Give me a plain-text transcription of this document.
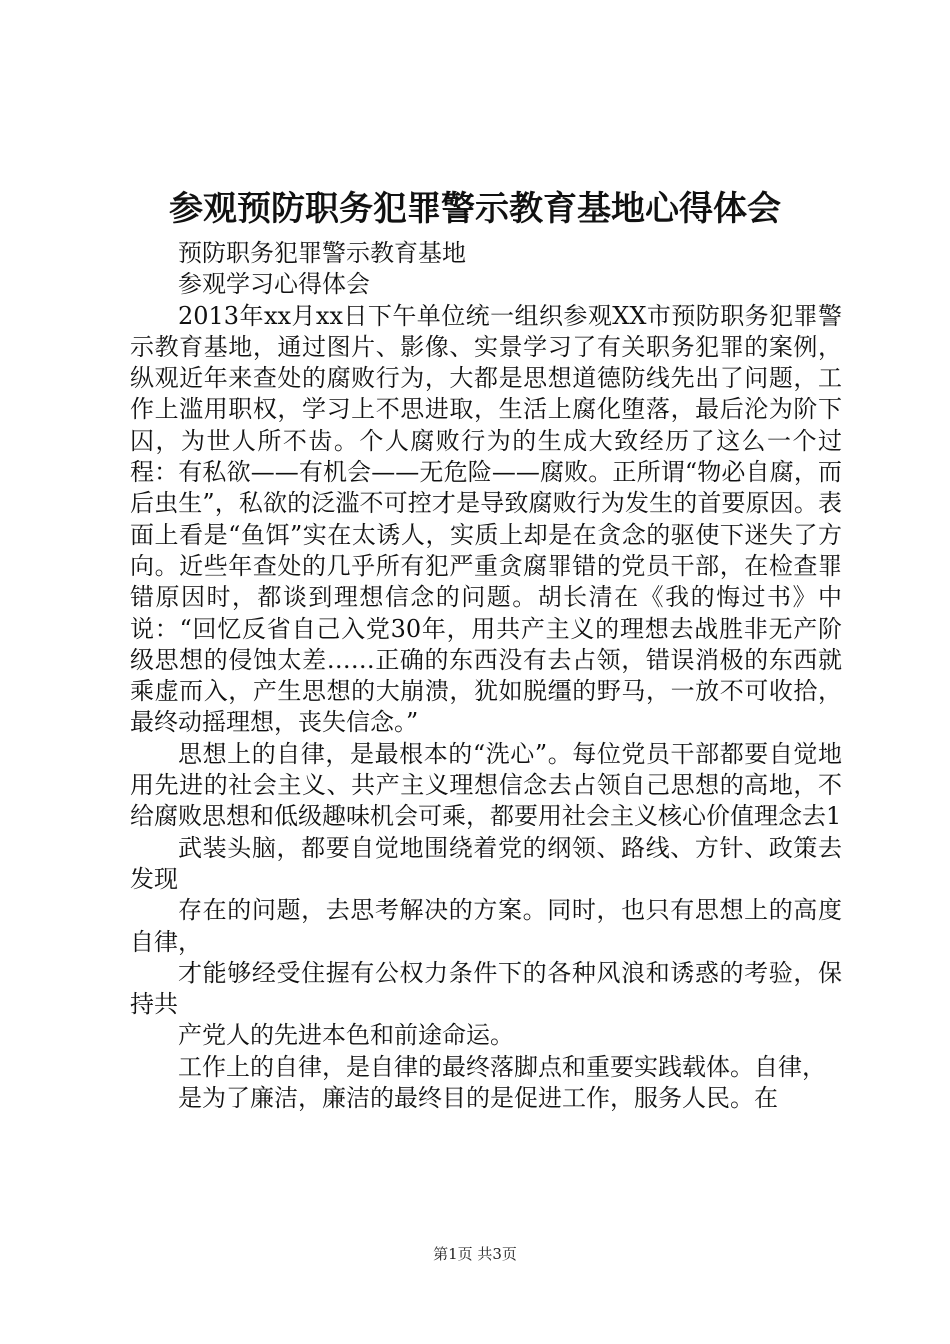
参观预防职务犯罪警示教育基地心得体会

预防职务犯罪警示教育基地

参观学习心得体会

2013年xx月xx日下午单位统一组织参观XX市预防职务犯罪警示教育基地，通过图片、影像、实景学习了有关职务犯罪的案例，纵观近年来查处的腐败行为，大都是思想道德防线先出了问题，工作上滥用职权，学习上不思进取，生活上腐化堕落，最后沦为阶下囚，为世人所不齿。个人腐败行为的生成大致经历了这么一个过程：有私欲——有机会——无危险——腐败。正所谓“物必自腐，而后虫生”，私欲的泛滥不可控才是导致腐败行为发生的首要原因。表面上看是“鱼饵”实在太诱人，实质上却是在贪念的驱使下迷失了方向。近些年查处的几乎所有犯严重贪腐罪错的党员干部，在检查罪错原因时，都谈到理想信念的问题。胡长清在《我的悔过书》中说：“回忆反省自己入党30年，用共产主义的理想去战胜非无产阶级思想的侵蚀太差……正确的东西没有去占领，错误消极的东西就乘虚而入，产生思想的大崩溃，犹如脱缰的野马，一放不可收拾，最终动摇理想，丧失信念。”

思想上的自律，是最根本的“洗心”。每位党员干部都要自觉地用先进的社会主义、共产主义理想信念去占领自己思想的高地，不给腐败思想和低级趣味机会可乘，都要用社会主义核心价值理念去1

武装头脑，都要自觉地围绕着党的纲领、路线、方针、政策去发现

存在的问题，去思考解决的方案。同时，也只有思想上的高度自律，

才能够经受住握有公权力条件下的各种风浪和诱惑的考验，保持共

产党人的先进本色和前途命运。

工作上的自律，是自律的最终落脚点和重要实践载体。自律，

是为了廉洁，廉洁的最终目的是促进工作，服务人民。在

第1页 共3页
